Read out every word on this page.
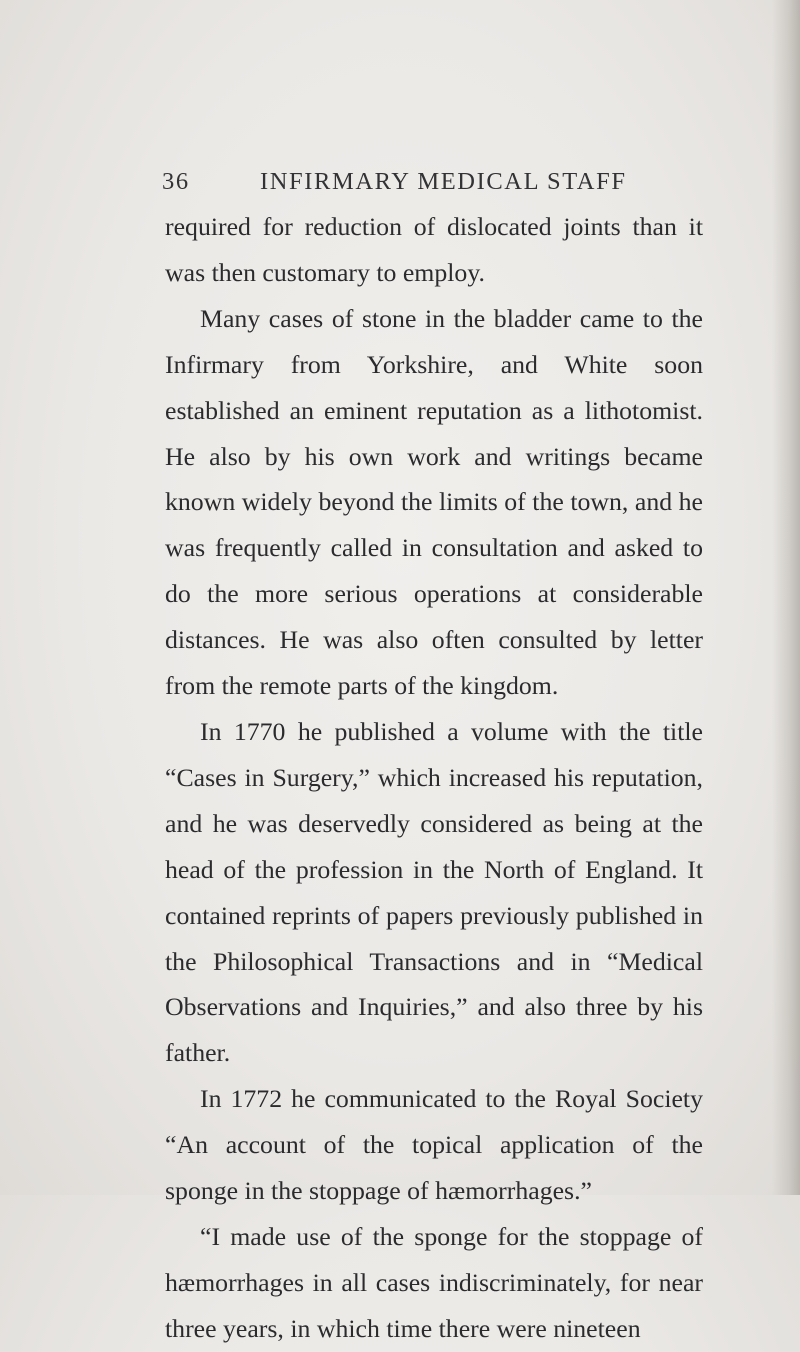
36	INFIRMARY MEDICAL STAFF

required for reduction of dislocated joints than it was then customary to employ.

Many cases of stone in the bladder came to the Infirmary from Yorkshire, and White soon established an eminent reputation as a lithotomist. He also by his own work and writings became known widely beyond the limits of the town, and he was frequently called in consultation and asked to do the more serious operations at considerable distances. He was also often consulted by letter from the remote parts of the kingdom.

In 1770 he published a volume with the title “Cases in Surgery,” which increased his reputation, and he was deservedly considered as being at the head of the profession in the North of England. It contained reprints of papers previously published in the Philosophical Transactions and in “Medical Observations and Inquiries,” and also three by his father.

In 1772 he communicated to the Royal Society “An account of the topical application of the sponge in the stoppage of hæmorrhages.”

“I made use of the sponge for the stoppage of hæmorrhages in all cases indiscriminately, for near three years, in which time there were nineteen
